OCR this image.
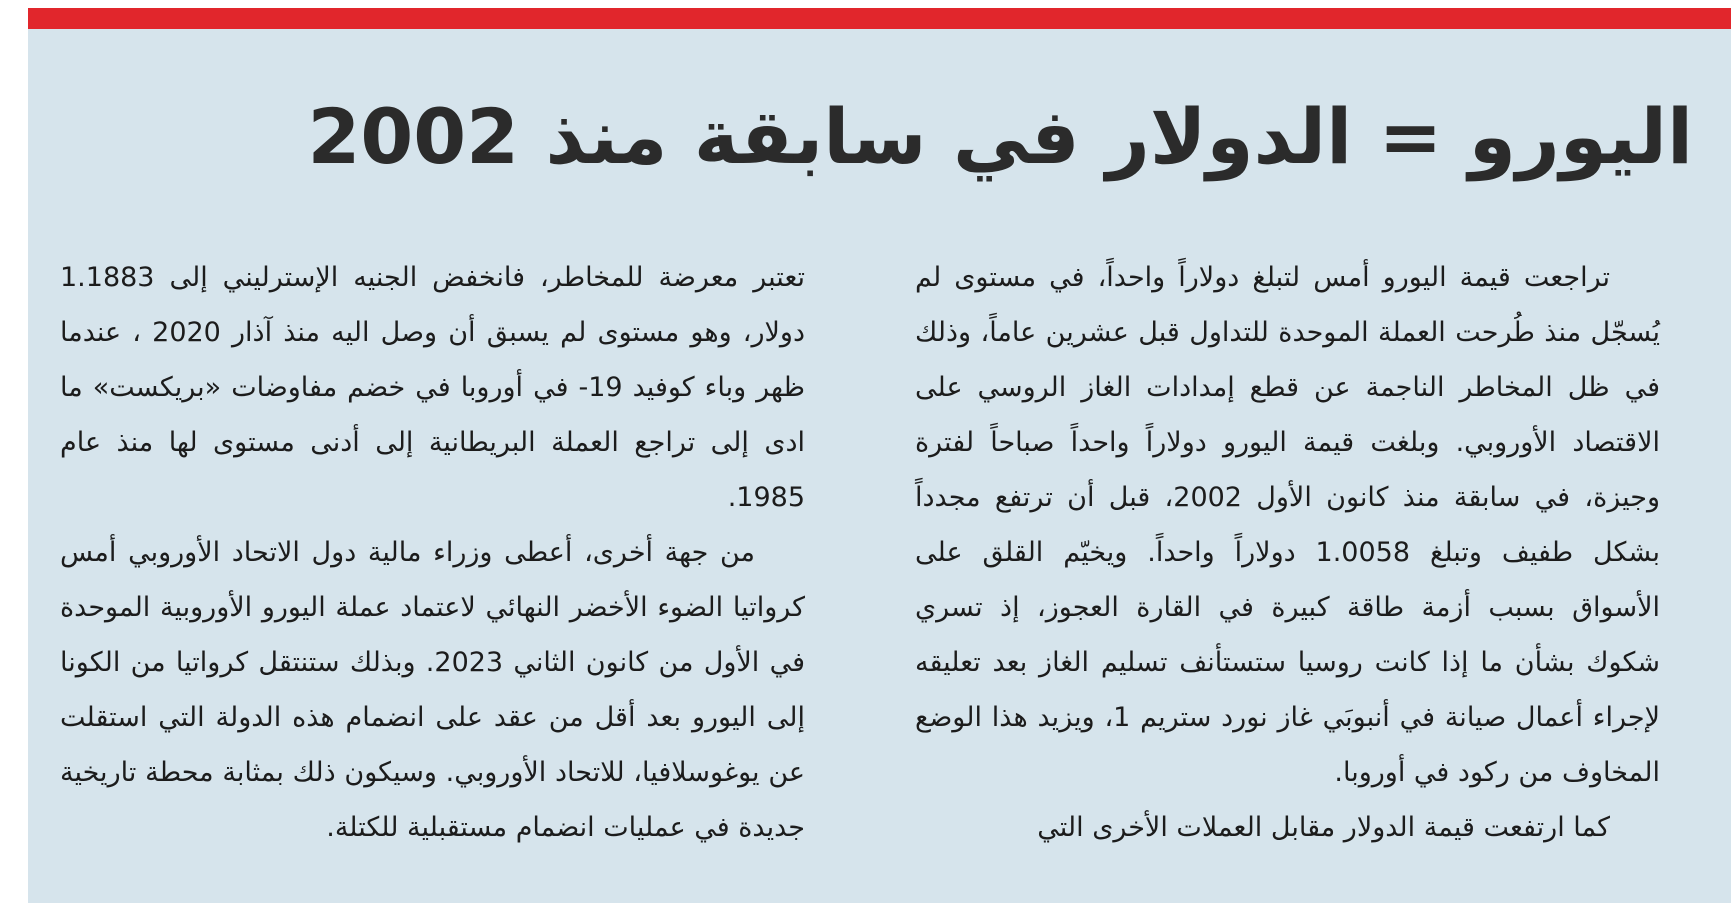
اليورو = الدولار في سابقة منذ 2002

تراجعت قيمة اليورو أمس لتبلغ دولاراً واحداً، في مستوى لم يُسجّل منذ طُرحت العملة الموحدة للتداول قبل عشرين عاماً، وذلك في ظل المخاطر الناجمة عن قطع إمدادات الغاز الروسي على الاقتصاد الأوروبي. وبلغت قيمة اليورو دولاراً واحداً صباحاً لفترة وجيزة، في سابقة منذ كانون الأول 2002، قبل أن ترتفع مجدداً بشكل طفيف وتبلغ 1.0058 دولاراً واحداً. ويخيّم القلق على الأسواق بسبب أزمة طاقة كبيرة في القارة العجوز، إذ تسري شكوك بشأن ما إذا كانت روسيا ستستأنف تسليم الغاز بعد تعليقه لإجراء أعمال صيانة في أنبوبَي غاز نورد ستريم 1، ويزيد هذا الوضع المخاوف من ركود في أوروبا.

كما ارتفعت قيمة الدولار مقابل العملات الأخرى التي

تعتبر معرضة للمخاطر، فانخفض الجنيه الإسترليني إلى 1.1883 دولار، وهو مستوى لم يسبق أن وصل اليه منذ آذار 2020 ، عندما ظهر وباء كوفيد 19- في أوروبا في خضم مفاوضات «بريكست» ما ادى إلى تراجع العملة البريطانية إلى أدنى مستوى لها منذ عام 1985.

من جهة أخرى، أعطى وزراء مالية دول الاتحاد الأوروبي أمس كرواتيا الضوء الأخضر النهائي لاعتماد عملة اليورو الأوروبية الموحدة في الأول من كانون الثاني 2023. وبذلك ستنتقل كرواتيا من الكونا إلى اليورو بعد أقل من عقد على انضمام هذه الدولة التي استقلت عن يوغوسلافيا، للاتحاد الأوروبي. وسيكون ذلك بمثابة محطة تاريخية جديدة في عمليات انضمام مستقبلية للكتلة.
